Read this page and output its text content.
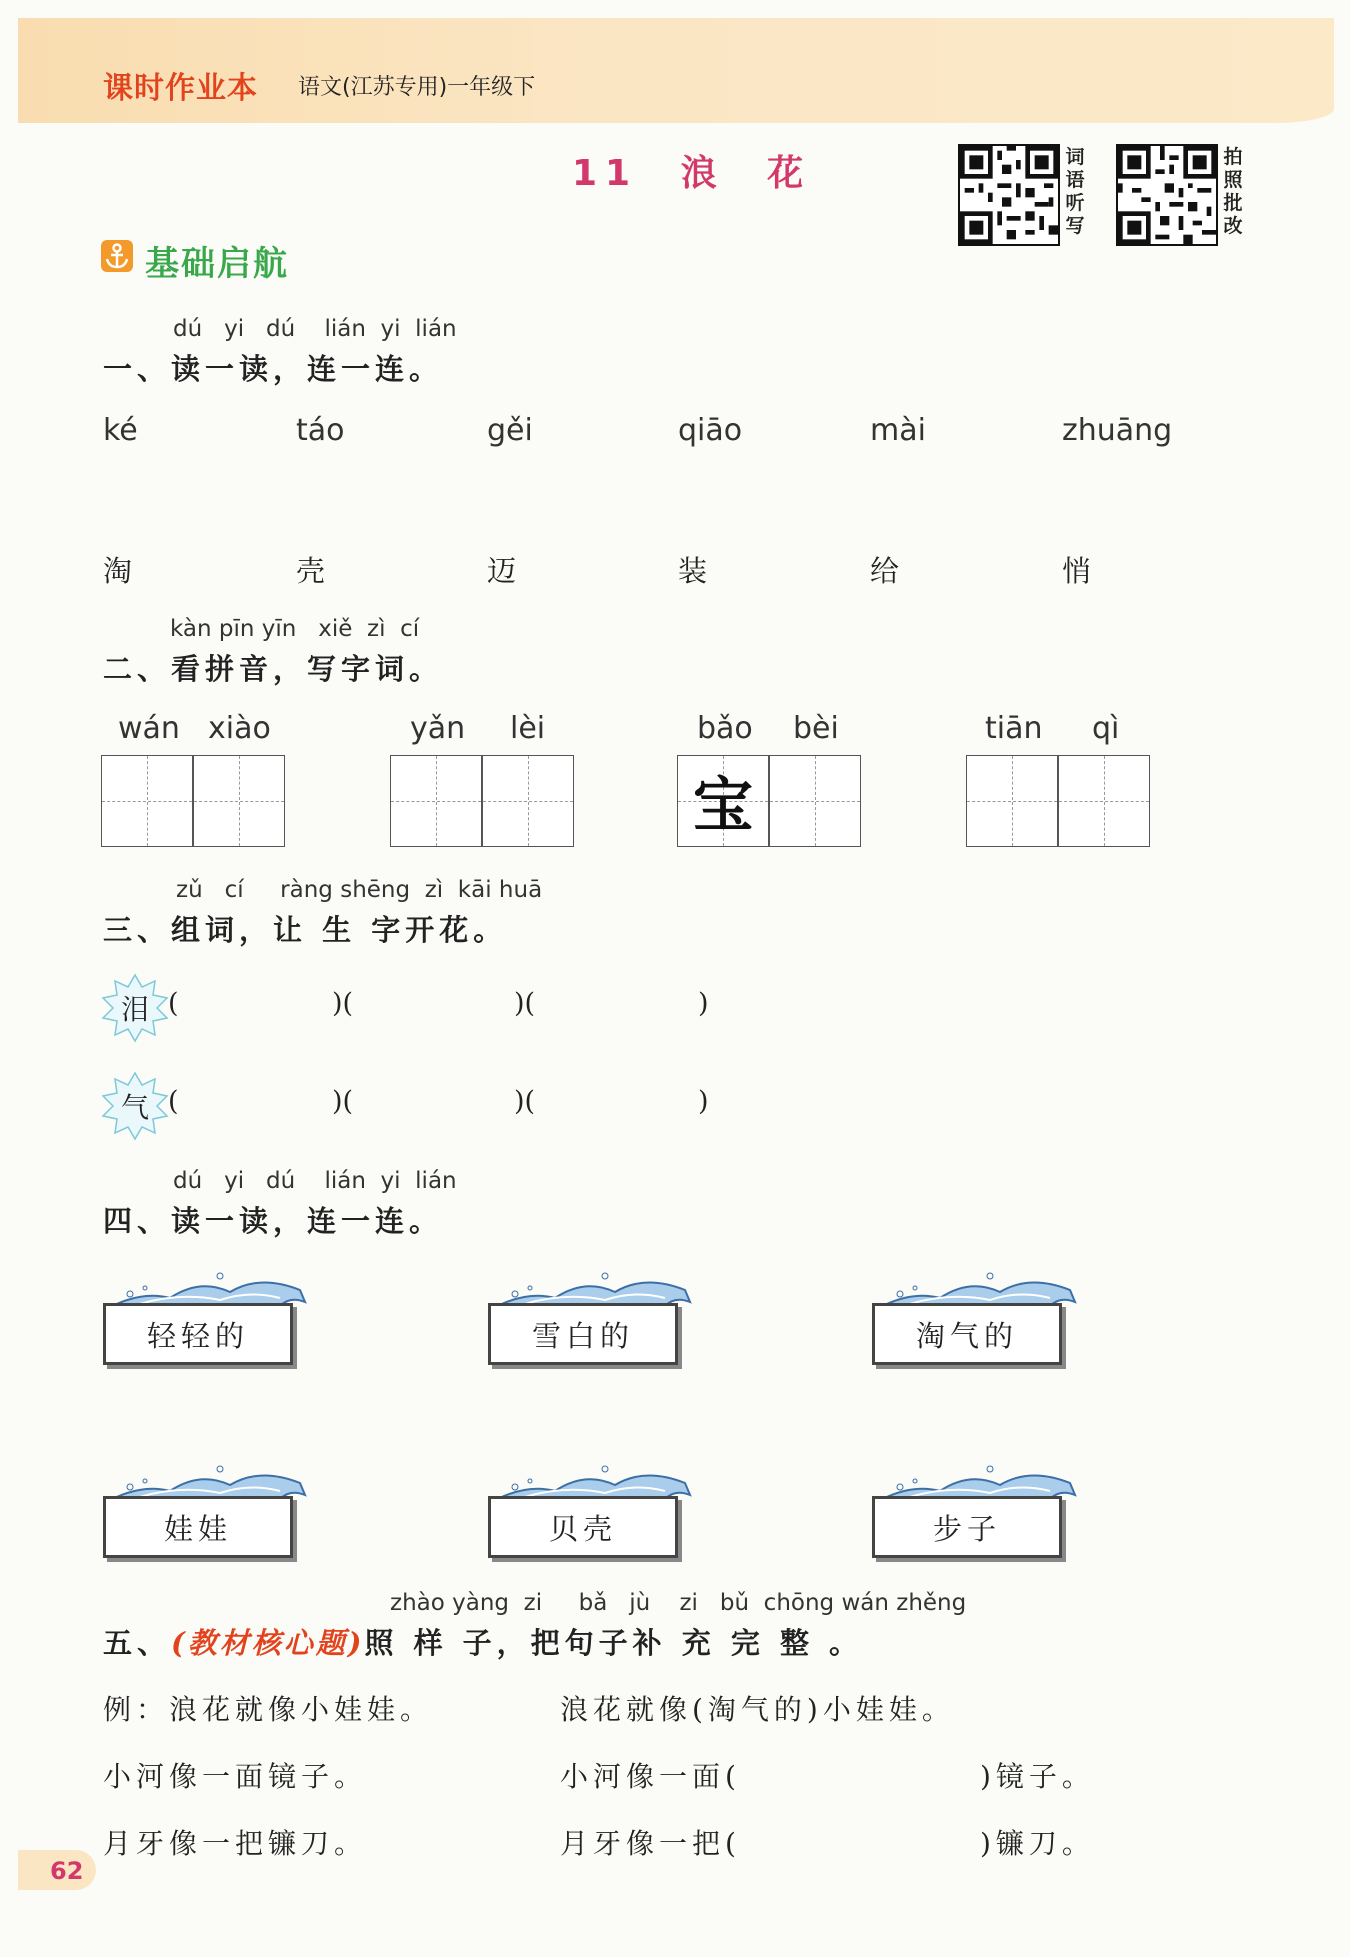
课时作业本 语文(江苏专用)一年级下
11 浪 花	词
语
听
写
拍
照
批
改
基础启航
dú   yi   dú    lián  yi  lián
一、读一读，连一连。
ké	táo	gěi	qiāo	mài	zhuāng
淘	壳	迈	装	给	悄
kàn pīn yīn   xiě  zì  cí
二、看拼音，写字词。
wán xiào	yǎn lèi	bǎo bèi
宝
tiān qì
zǔ   cí     ràng shēng  zì  kāi huā
三、组词，让 生 字开花。
泪 (	)(	)(	)
气 (	)(	)(	)
dú   yi   dú    lián  yi  lián
四、读一读，连一连。
轻轻的	雪白的	淘气的
娃娃	贝壳	步子
zhào yàng  zi     bǎ   jù    zi   bǔ  chōng wán zhěng
五、(教材核心题)照 样 子，把句子补 充 完 整 。
例：浪花就像小娃娃。	浪花就像(淘气的)小娃娃。
小河像一面镜子。	小河像一面(	)镜子。
月牙像一把镰刀。	月牙像一把(	)镰刀。
62
